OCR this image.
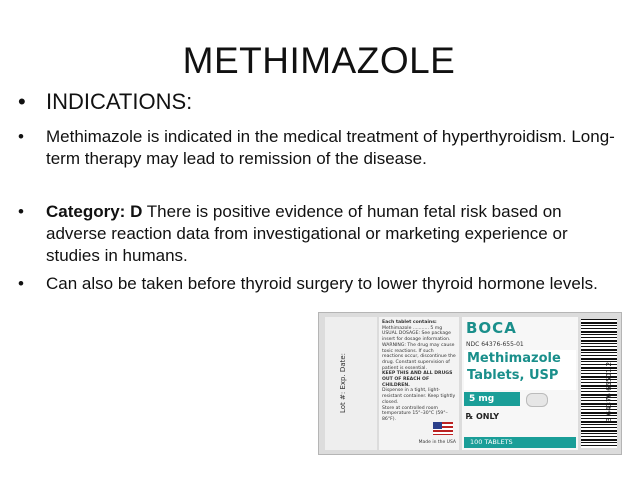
METHIMAZOLE
• INDICATIONS:
•	Methimazole is indicated in the medical treatment of hyperthyroidism. Long-term therapy may lead to remission of the disease.
•	Category: D There is positive evidence of human fetal risk based on adverse reaction data from investigational or marketing experience or studies in humans.
•	Can also be taken before thyroid surgery to lower thyroid hormone levels.
Lot #: Exp. Date:

Each tablet contains:

Methimazole ........... 5 mg

USUAL DOSAGE: See package insert for dosage information.

WARNING: The drug may cause toxic reactions. If such reactions occur, discontinue the drug. Constant supervision of patient is essential.

KEEP THIS AND ALL DRUGS OUT OF REACH OF CHILDREN.

Dispense in a tight, light-resistant container. Keep tightly closed.

Store at controlled room temperature 15°–30°C (59°–86°F).

Made in the USA
BOCA
NDC 64376-655-01
Methimazole
Tablets, USP
5 mg
℞ ONLY
100 TABLETS
3 64376 65501 2
